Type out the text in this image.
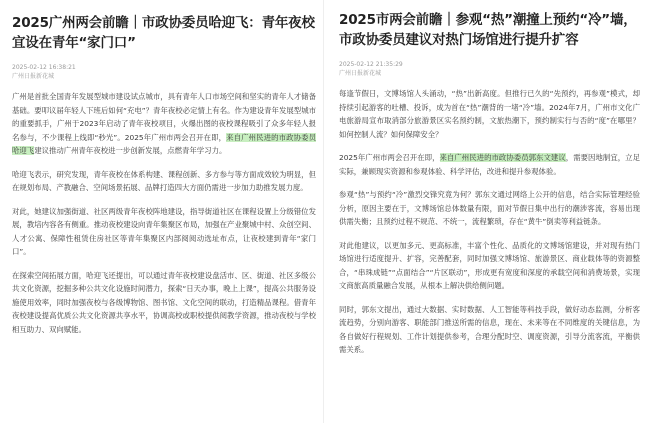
2025广州两会前瞻｜市政协委员哈迎飞：青年夜校宜设在青年“家门口”
2025-02-12 16:38:21
广州日报新花城

广州是首批全国青年发展型城市建设试点城市，具有青年人口市场空间和坚实的青年人才储备基础。要叩议届年轻人下班后如何“充电”？青年夜校必定情上有名。作为建设青年发展型城市的重要抓手，广州于2023年启动了青年夜校项目，火爆出图的夜校课程吸引了众多年轻人报名参与，不少课程上线即“秒光”。2025年广州市两会召开在即，来自广州民进的市政协委员哈迎飞建议推动广州青年夜校进一步创新发展，点燃青年学习力。

哈迎飞表示，研究发现，青年夜校在体系构建、课程创新、多方参与等方面成效较为明显，但在规划布局、产教融合、空间场景拓展、品牌打造四大方面仍需进一步加力助推发展力度。

对此，她建议加强街道、社区两级青年夜校阵地建设，指导街道社区在课程设置上分级错位发展，教培内容各有侧重。推动夜校建设向青年集聚区布局，加强在产业聚城中村、众创空间、人才公寓、保障性租赁住房社区等青年集聚区内部阅阅动选址布点，让夜校建到青年“家门口”。

在探索空间拓展方面，哈迎飞还提出，可以通过青年夜校建设盘活市、区、街道、社区多级公共文化资源，挖掘多种公共文化设施时间潜力，探索“日天办事，晚上上课”，提高公共服务设施使用效率，同时加强夜校与各级博物馆、图书馆、文化空间的联动，打造精品课程。借青年夜校建设提高优质公共文化资源共享水平，协调高校或职校提供阅教学资源，推动夜校与学校相互助力、双向赋能。

2025市两会前瞻｜参观“热”潮撞上预约“冷”墙，市政协委员建议对热门场馆进行提升扩容
2025-02-12 21:35:29
广州日报新花城

每逢节假日，文博场馆人头涌动，“热”出新高度。但推行已久的“先预约，再参观”模式，却持续引起游客的吐槽、投诉，成为首在“热”潮背的一堵“冷”墙。2024年7月，广州市文化广电旅游局宣布取消部分旅游景区实名预约制，文旅热潮下，预约制实行与否的“度”在哪里？如何控制人流？如何保障安全？

2025年广州市两会召开在即，来自广州民进的市政协委员郭东文建议，需要因地制宜，立足实际，兼顾现实资源和参观体验、科学评估，改进和提升参观体验。

参观“热”与预约“冷”激烈交锋究竟为何？郭东文通过网络上公开的信息，结合实际管理经验分析，原因主要在于，文博场馆总体数量有限，面对节假日集中出行的潮涉客流，容易出现供需失衡；且预约过程不规范、不统一，流程繁琐，存在“黄牛”倒卖等利益链条。

对此他建议，以更加多元、更高标准，丰富个性化、品质化的文博场馆建设，并对现有热门场馆进行适度提升、扩容，完善配套，同时加强文博场馆、旅游景区、商业载体等的资源整合，“串珠成链”“点面结合”“片区联动”，形成更有宽度和深度的承载空间和消费场景，实现文商旅高质量融合发展，从根本上解决供给侧问题。

同时，郭东文提出，通过大数据、实时数据、人工智能等科技手段，做好动态监测，分析客流趋势，分别向游客、职能部门推送所需的信息，现在、未来等在不同维度的关键信息，为各自做好行程规划、工作计划提供参考，合理分配时空、调度资源，引导分流客流，平衡供需关系。
